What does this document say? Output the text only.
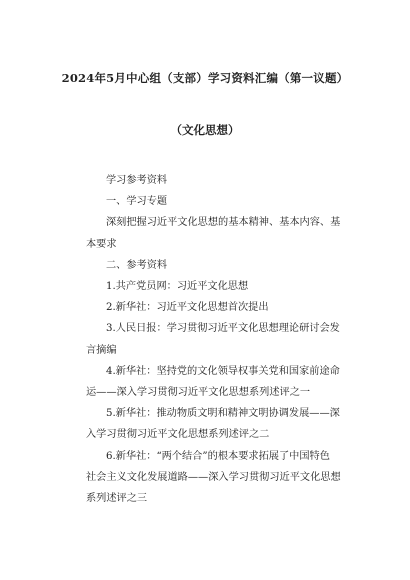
2024年5月中心组（支部）学习资料汇编（第一议题）
（文化思想）
学习参考资料
一、学习专题
深刻把握习近平文化思想的基本精神、基本内容、基
本要求
二、参考资料
1.共产党员网：习近平文化思想
2.新华社：习近平文化思想首次提出
3.人民日报：学习贯彻习近平文化思想理论研讨会发
言摘编
4.新华社：坚持党的文化领导权事关党和国家前途命
运——深入学习贯彻习近平文化思想系列述评之一
5.新华社：推动物质文明和精神文明协调发展——深
入学习贯彻习近平文化思想系列述评之二
6.新华社：“两个结合”的根本要求拓展了中国特色
社会主义文化发展道路——深入学习贯彻习近平文化思想
系列述评之三
